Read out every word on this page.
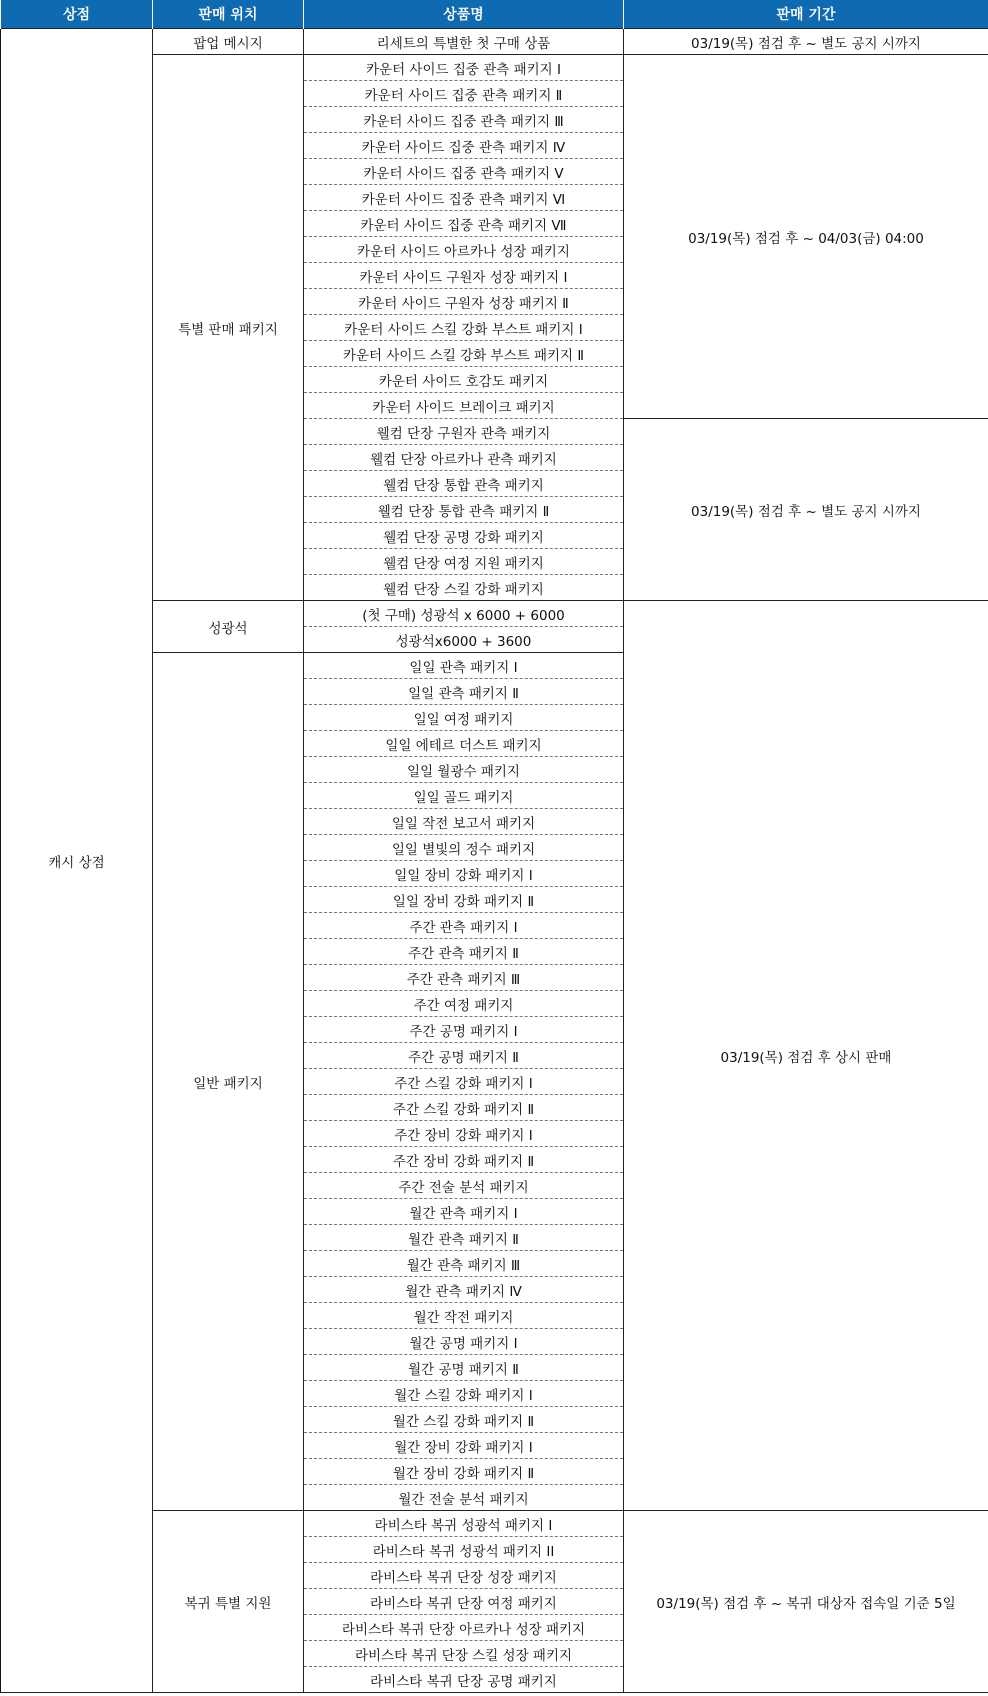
상점	판매 위치	상품명	판매 기간
캐시 상점	팝업 메시지	리세트의 특별한 첫 구매 상품	03/19(목) 점검 후 ~ 별도 공지 시까지
	특별 판매 패키지	카운터 사이드 집중 관측 패키지 Ⅰ	03/19(목) 점검 후 ~ 04/03(금) 04:00
		카운터 사이드 집중 관측 패키지 Ⅱ	
		카운터 사이드 집중 관측 패키지 Ⅲ	
		카운터 사이드 집중 관측 패키지 Ⅳ	
		카운터 사이드 집중 관측 패키지 Ⅴ	
		카운터 사이드 집중 관측 패키지 Ⅵ	
		카운터 사이드 집중 관측 패키지 Ⅶ	
		카운터 사이드 아르카나 성장 패키지	
		카운터 사이드 구원자 성장 패키지 Ⅰ	
		카운터 사이드 구원자 성장 패키지 Ⅱ	
		카운터 사이드 스킬 강화 부스트 패키지 Ⅰ	
		카운터 사이드 스킬 강화 부스트 패키지 Ⅱ	
		카운터 사이드 호감도 패키지	
		카운터 사이드 브레이크 패키지	
		웰컴 단장 구원자 관측 패키지	03/19(목) 점검 후 ~ 별도 공지 시까지
		웰컴 단장 아르카나 관측 패키지	
		웰컴 단장 통합 관측 패키지	
		웰컴 단장 통합 관측 패키지 Ⅱ	
		웰컴 단장 공명 강화 패키지	
		웰컴 단장 여정 지원 패키지	
		웰컴 단장 스킬 강화 패키지	
	성광석	(첫 구매) 성광석 x 6000 + 6000	03/19(목) 점검 후 상시 판매
		성광석x6000 + 3600	
	일반 패키지	일일 관측 패키지 Ⅰ	
		일일 관측 패키지 Ⅱ	
		일일 여정 패키지	
		일일 에테르 더스트 패키지	
		일일 월광수 패키지	
		일일 골드 패키지	
		일일 작전 보고서 패키지	
		일일 별빛의 정수 패키지	
		일일 장비 강화 패키지 Ⅰ	
		일일 장비 강화 패키지 Ⅱ	
		주간 관측 패키지 Ⅰ	
		주간 관측 패키지 Ⅱ	
		주간 관측 패키지 Ⅲ	
		주간 여정 패키지	
		주간 공명 패키지 Ⅰ	
		주간 공명 패키지 Ⅱ	
		주간 스킬 강화 패키지 Ⅰ	
		주간 스킬 강화 패키지 Ⅱ	
		주간 장비 강화 패키지 Ⅰ	
		주간 장비 강화 패키지 Ⅱ	
		주간 전술 분석 패키지	
		월간 관측 패키지 Ⅰ	
		월간 관측 패키지 Ⅱ	
		월간 관측 패키지 Ⅲ	
		월간 관측 패키지 Ⅳ	
		월간 작전 패키지	
		월간 공명 패키지 Ⅰ	
		월간 공명 패키지 Ⅱ	
		월간 스킬 강화 패키지 Ⅰ	
		월간 스킬 강화 패키지 Ⅱ	
		월간 장비 강화 패키지 Ⅰ	
		월간 장비 강화 패키지 Ⅱ	
		월간 전술 분석 패키지	
	복귀 특별 지원	라비스타 복귀 성광석 패키지 I	03/19(목) 점검 후 ~ 복귀 대상자 접속일 기준 5일
		라비스타 복귀 성광석 패키지 II	
		라비스타 복귀 단장 성장 패키지	
		라비스타 복귀 단장 여정 패키지	
		라비스타 복귀 단장 아르카나 성장 패키지	
		라비스타 복귀 단장 스킬 성장 패키지	
		라비스타 복귀 단장 공명 패키지	
